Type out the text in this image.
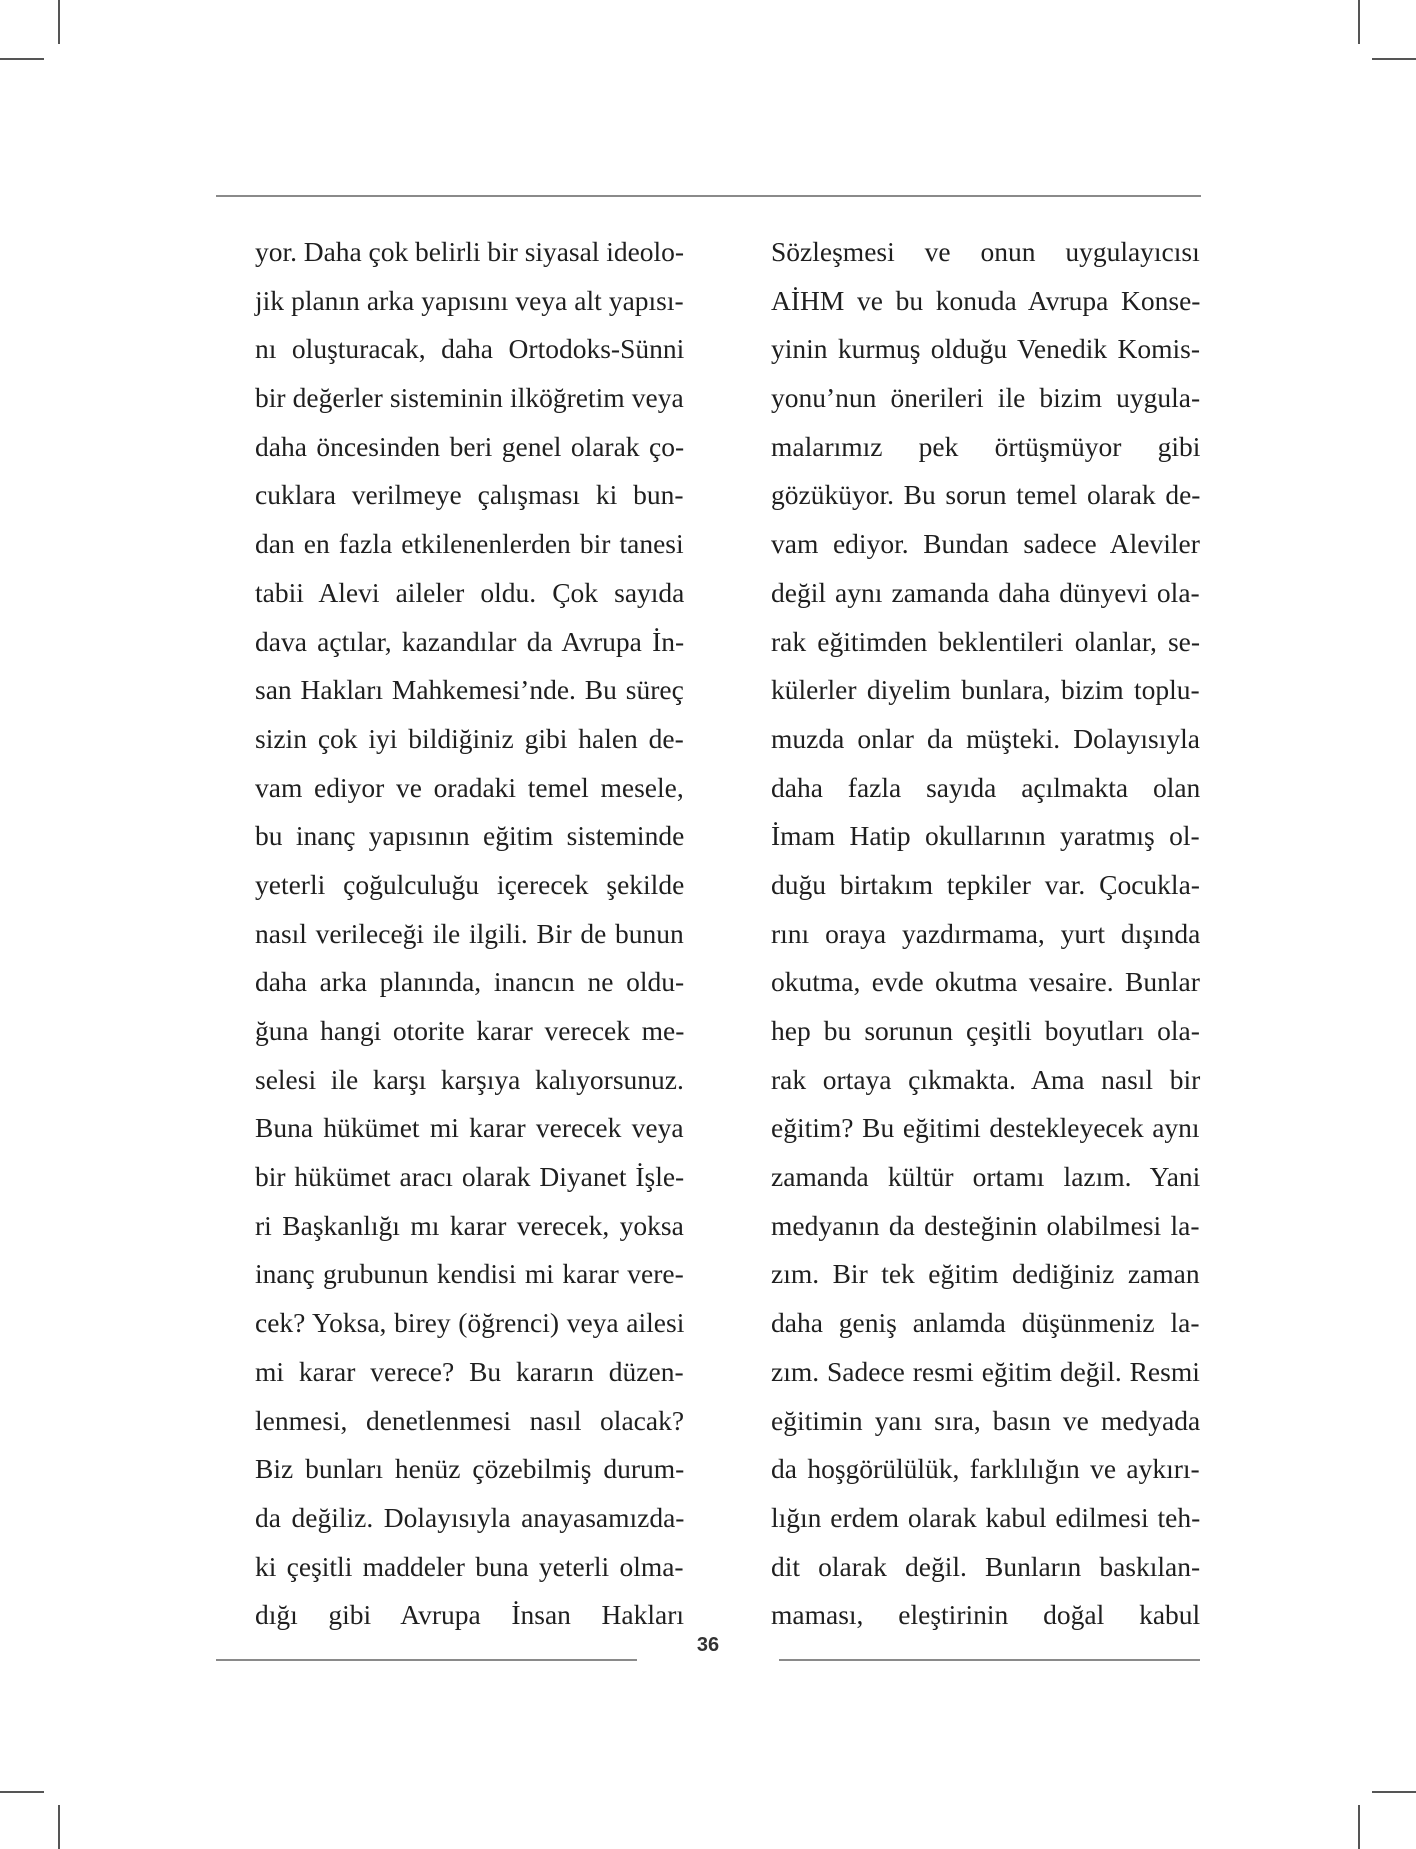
yor. Daha çok belirli bir siyasal ideolo-
jik planın arka yapısını veya alt yapısı-
nı oluşturacak, daha Ortodoks-Sünni
bir değerler sisteminin ilköğretim veya
daha öncesinden beri genel olarak ço-
cuklara verilmeye çalışması ki bun-
dan en fazla etkilenenlerden bir tanesi
tabii Alevi aileler oldu. Çok sayıda
dava açtılar, kazandılar da Avrupa İn-
san Hakları Mahkemesi’nde. Bu süreç
sizin çok iyi bildiğiniz gibi halen de-
vam ediyor ve oradaki temel mesele,
bu inanç yapısının eğitim sisteminde
yeterli çoğulculuğu içerecek şekilde
nasıl verileceği ile ilgili. Bir de bunun
daha arka planında, inancın ne oldu-
ğuna hangi otorite karar verecek me-
selesi ile karşı karşıya kalıyorsunuz.
Buna hükümet mi karar verecek veya
bir hükümet aracı olarak Diyanet İşle-
ri Başkanlığı mı karar verecek, yoksa
inanç grubunun kendisi mi karar vere-
cek? Yoksa, birey (öğrenci) veya ailesi
mi karar verece? Bu kararın düzen-
lenmesi, denetlenmesi nasıl olacak?
Biz bunları henüz çözebilmiş durum-
da değiliz. Dolayısıyla anayasamızda-
ki çeşitli maddeler buna yeterli olma-
dığı gibi Avrupa İnsan Hakları
Sözleşmesi ve onun uygulayıcısı
AİHM ve bu konuda Avrupa Konse-
yinin kurmuş olduğu Venedik Komis-
yonu’nun önerileri ile bizim uygula-
malarımız pek örtüşmüyor gibi
gözüküyor. Bu sorun temel olarak de-
vam ediyor. Bundan sadece Aleviler
değil aynı zamanda daha dünyevi ola-
rak eğitimden beklentileri olanlar, se-
külerler diyelim bunlara, bizim toplu-
muzda onlar da müşteki. Dolayısıyla
daha fazla sayıda açılmakta olan
İmam Hatip okullarının yaratmış ol-
duğu birtakım tepkiler var. Çocukla-
rını oraya yazdırmama, yurt dışında
okutma, evde okutma vesaire. Bunlar
hep bu sorunun çeşitli boyutları ola-
rak ortaya çıkmakta. Ama nasıl bir
eğitim? Bu eğitimi destekleyecek aynı
zamanda kültür ortamı lazım. Yani
medyanın da desteğinin olabilmesi la-
zım. Bir tek eğitim dediğiniz zaman
daha geniş anlamda düşünmeniz la-
zım. Sadece resmi eğitim değil. Resmi
eğitimin yanı sıra, basın ve medyada
da hoşgörülülük, farklılığın ve aykırı-
lığın erdem olarak kabul edilmesi teh-
dit olarak değil. Bunların baskılan-
maması, eleştirinin doğal kabul
36
